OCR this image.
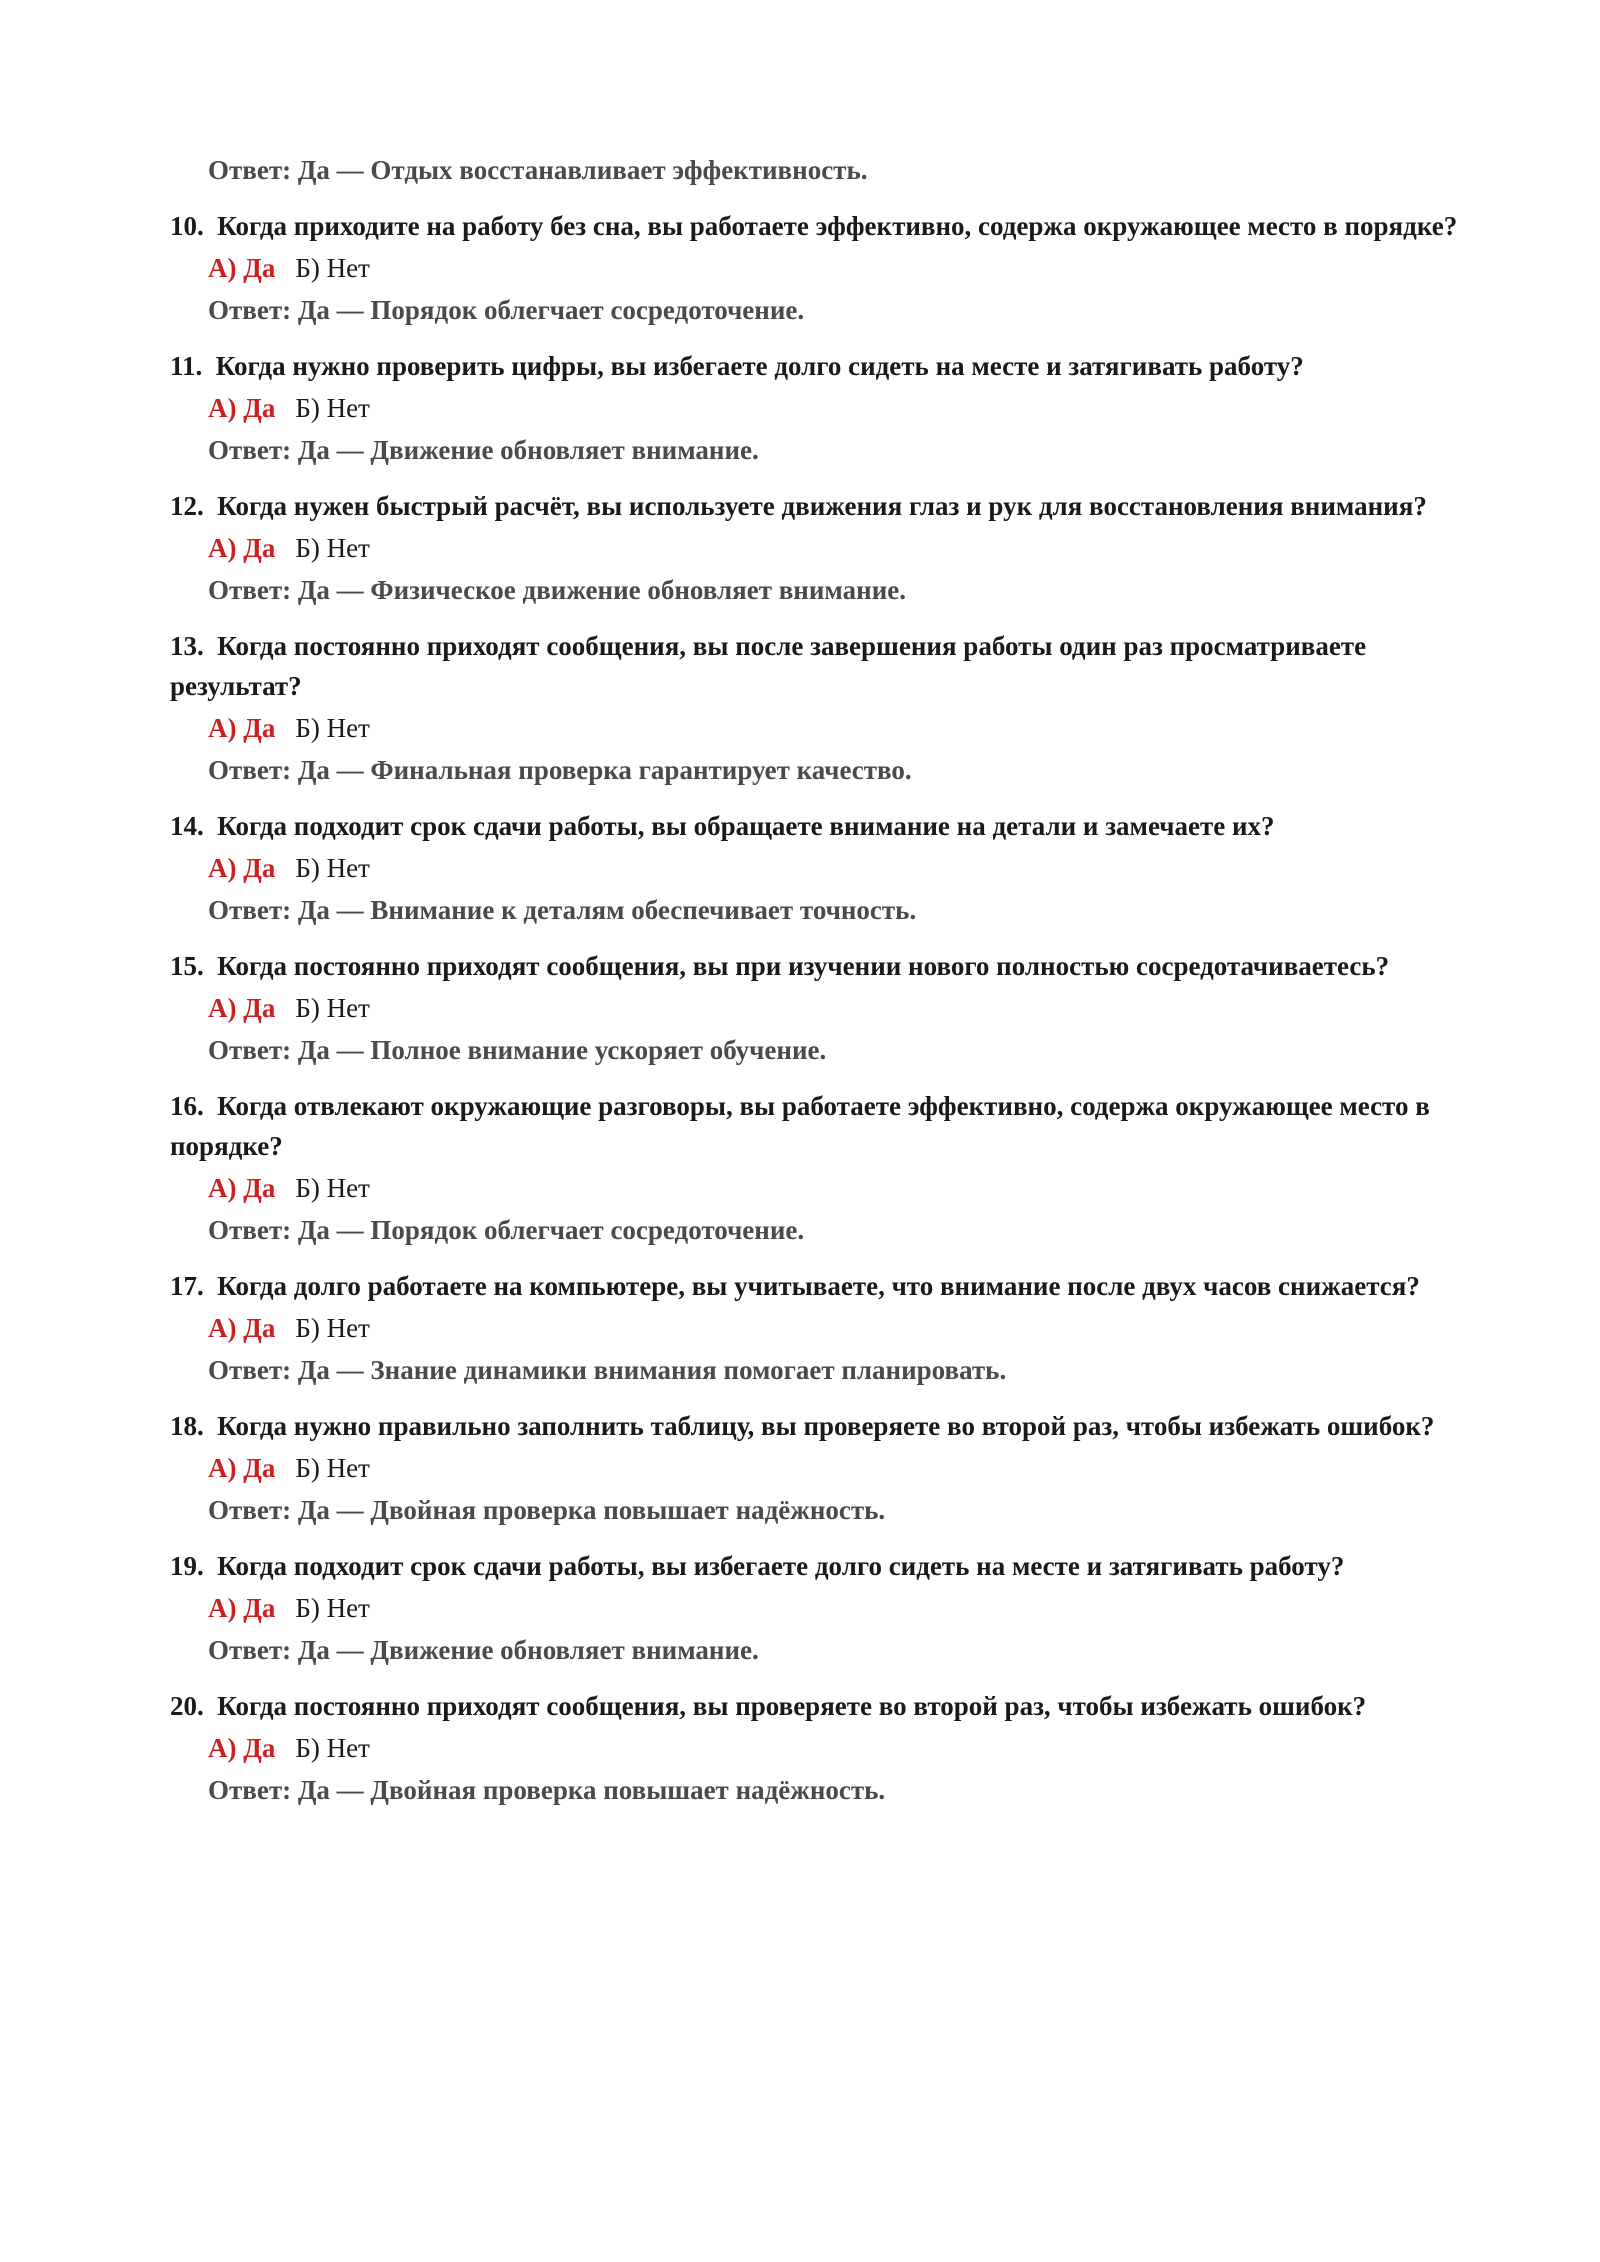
Ответ: Да — Отдых восстанавливает эффективность.

10. Когда приходите на работу без сна, вы работаете эффективно, содержа окружающее место в порядке?

А) Да Б) Нет

Ответ: Да — Порядок облегчает сосредоточение.

11. Когда нужно проверить цифры, вы избегаете долго сидеть на месте и затягивать работу?

А) Да Б) Нет

Ответ: Да — Движение обновляет внимание.

12. Когда нужен быстрый расчёт, вы используете движения глаз и рук для восстановления внимания?

А) Да Б) Нет

Ответ: Да — Физическое движение обновляет внимание.

13. Когда постоянно приходят сообщения, вы после завершения работы один раз просматриваете результат?

А) Да Б) Нет

Ответ: Да — Финальная проверка гарантирует качество.

14. Когда подходит срок сдачи работы, вы обращаете внимание на детали и замечаете их?

А) Да Б) Нет

Ответ: Да — Внимание к деталям обеспечивает точность.

15. Когда постоянно приходят сообщения, вы при изучении нового полностью сосредотачиваетесь?

А) Да Б) Нет

Ответ: Да — Полное внимание ускоряет обучение.

16. Когда отвлекают окружающие разговоры, вы работаете эффективно, содержа окружающее место в порядке?

А) Да Б) Нет

Ответ: Да — Порядок облегчает сосредоточение.

17. Когда долго работаете на компьютере, вы учитываете, что внимание после двух часов снижается?

А) Да Б) Нет

Ответ: Да — Знание динамики внимания помогает планировать.

18. Когда нужно правильно заполнить таблицу, вы проверяете во второй раз, чтобы избежать ошибок?

А) Да Б) Нет

Ответ: Да — Двойная проверка повышает надёжность.

19. Когда подходит срок сдачи работы, вы избегаете долго сидеть на месте и затягивать работу?

А) Да Б) Нет

Ответ: Да — Движение обновляет внимание.

20. Когда постоянно приходят сообщения, вы проверяете во второй раз, чтобы избежать ошибок?

А) Да Б) Нет

Ответ: Да — Двойная проверка повышает надёжность.
